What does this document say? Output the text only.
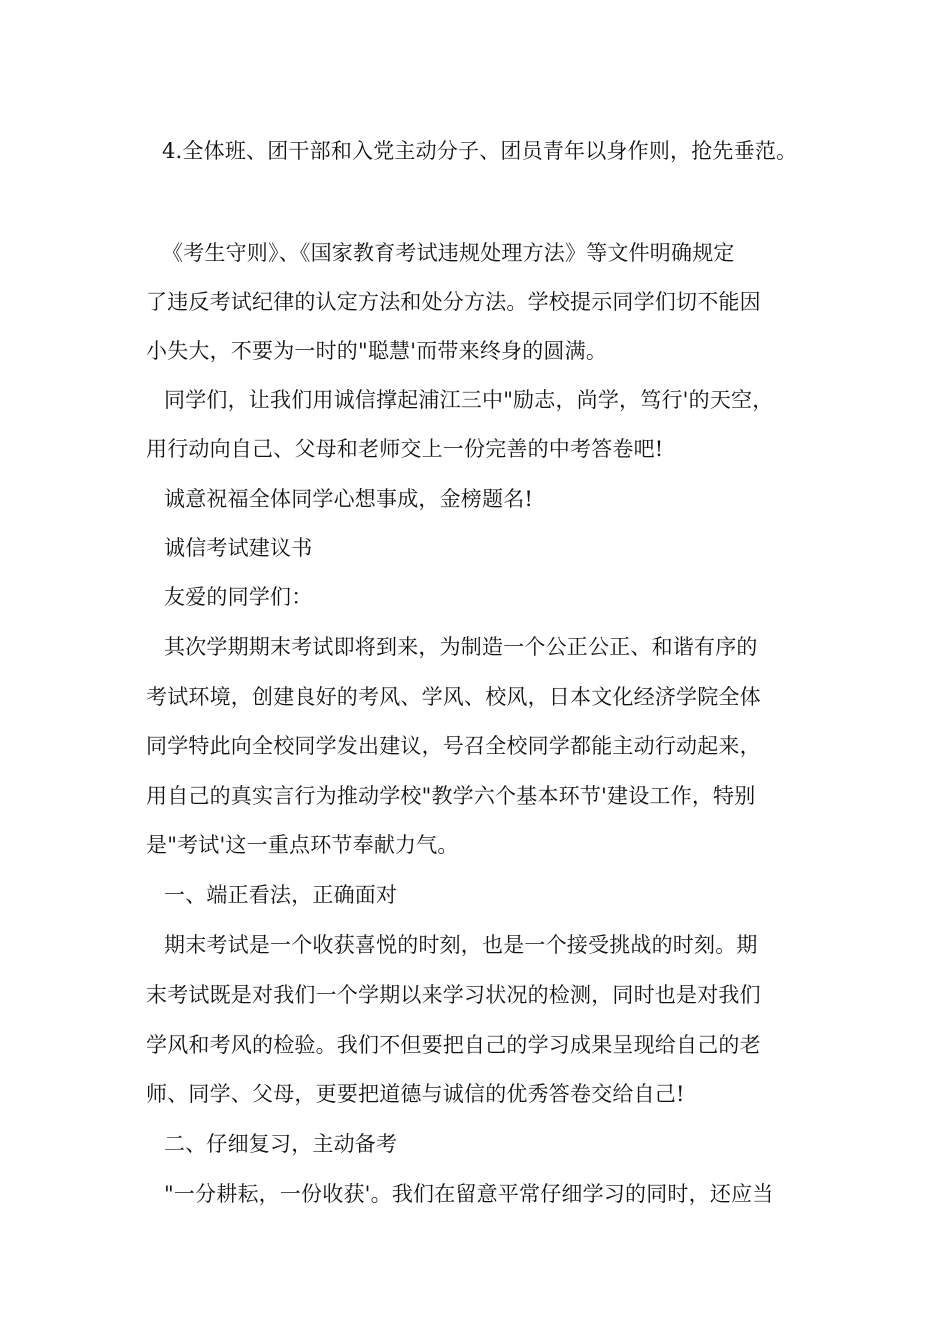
4.全体班、团干部和入党主动分子、团员青年以身作则，抢先垂范。
《考生守则》、《国家教育考试违规处理方法》等文件明确规定
了违反考试纪律的认定方法和处分方法。学校提示同学们切不能因
小失大，不要为一时的"聪慧'而带来终身的圆满。
同学们，让我们用诚信撑起浦江三中"励志，尚学，笃行'的天空，
用行动向自己、父母和老师交上一份完善的中考答卷吧!
诚意祝福全体同学心想事成，金榜题名!
诚信考试建议书
友爱的同学们：
其次学期期末考试即将到来，为制造一个公正公正、和谐有序的
考试环境，创建良好的考风、学风、校风，日本文化经济学院全体
同学特此向全校同学发出建议，号召全校同学都能主动行动起来，
用自己的真实言行为推动学校"教学六个基本环节'建设工作，特别
是"考试'这一重点环节奉献力气。
一、端正看法，正确面对
期末考试是一个收获喜悦的时刻，也是一个接受挑战的时刻。期
末考试既是对我们一个学期以来学习状况的检测，同时也是对我们
学风和考风的检验。我们不但要把自己的学习成果呈现给自己的老
师、同学、父母，更要把道德与诚信的优秀答卷交给自己!
二、仔细复习，主动备考
"一分耕耘，一份收获'。我们在留意平常仔细学习的同时，还应当
